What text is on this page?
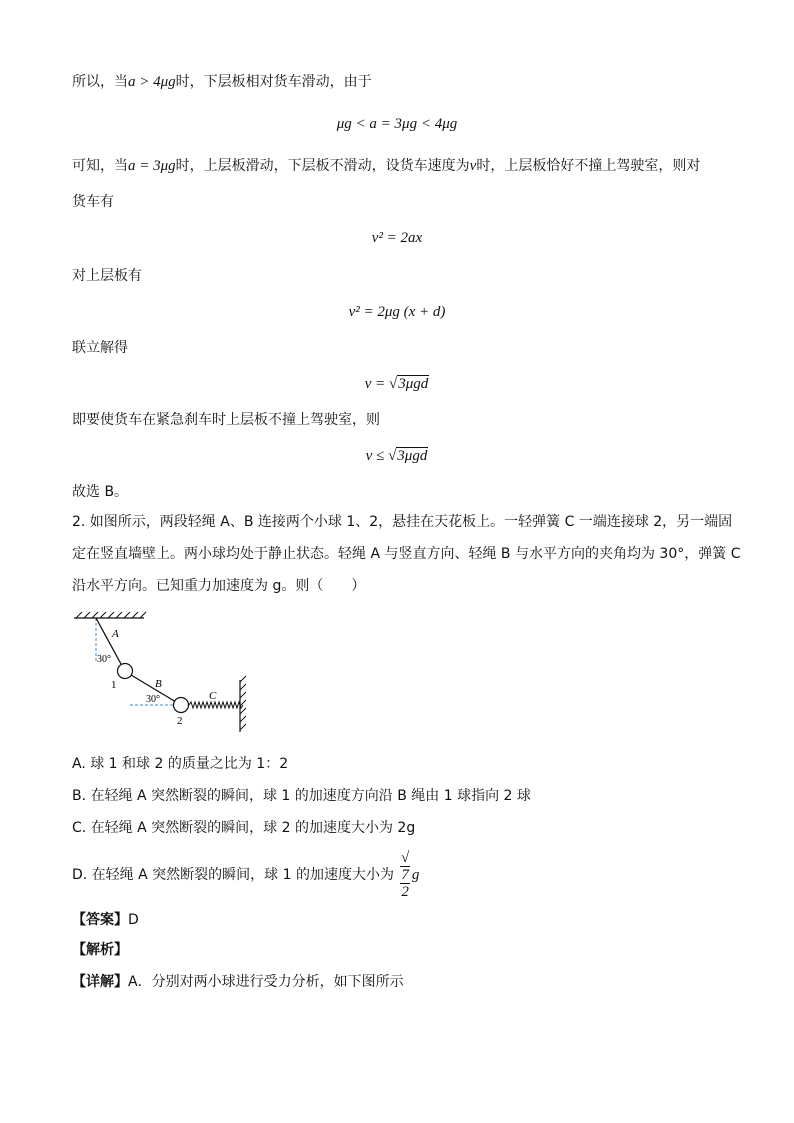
所以，当a > 4μg时，下层板相对货车滑动，由于
μg < a = 3μg < 4μg
可知，当a = 3μg时，上层板滑动，下层板不滑动，设货车速度为v时，上层板恰好不撞上驾驶室，则对
货车有
v² = 2ax
对上层板有
v² = 2μg (x + d)
联立解得
v = √3μgd
即要使货车在紧急刹车时上层板不撞上驾驶室，则
v ≤ √3μgd
故选 B。
2. 如图所示，两段轻绳 A、B 连接两个小球 1、2，悬挂在天花板上。一轻弹簧 C 一端连接球 2，另一端固
定在竖直墙壁上。两小球均处于静止状态。轻绳 A 与竖直方向、轻绳 B 与水平方向的夹角均为 30°，弹簧 C
沿水平方向。已知重力加速度为 g。则（　　）
A
30°
1	B
30°
2
C
A. 球 1 和球 2 的质量之比为 1：2
B. 在轻绳 A 突然断裂的瞬间，球 1 的加速度方向沿 B 绳由 1 球指向 2 球
C. 在轻绳 A 突然断裂的瞬间，球 2 的加速度大小为 2g
D. 在轻绳 A 突然断裂的瞬间，球 1 的加速度大小为 √
7
2 g
【答案】D
【解析】
【详解】A．分别对两小球进行受力分析，如下图所示
